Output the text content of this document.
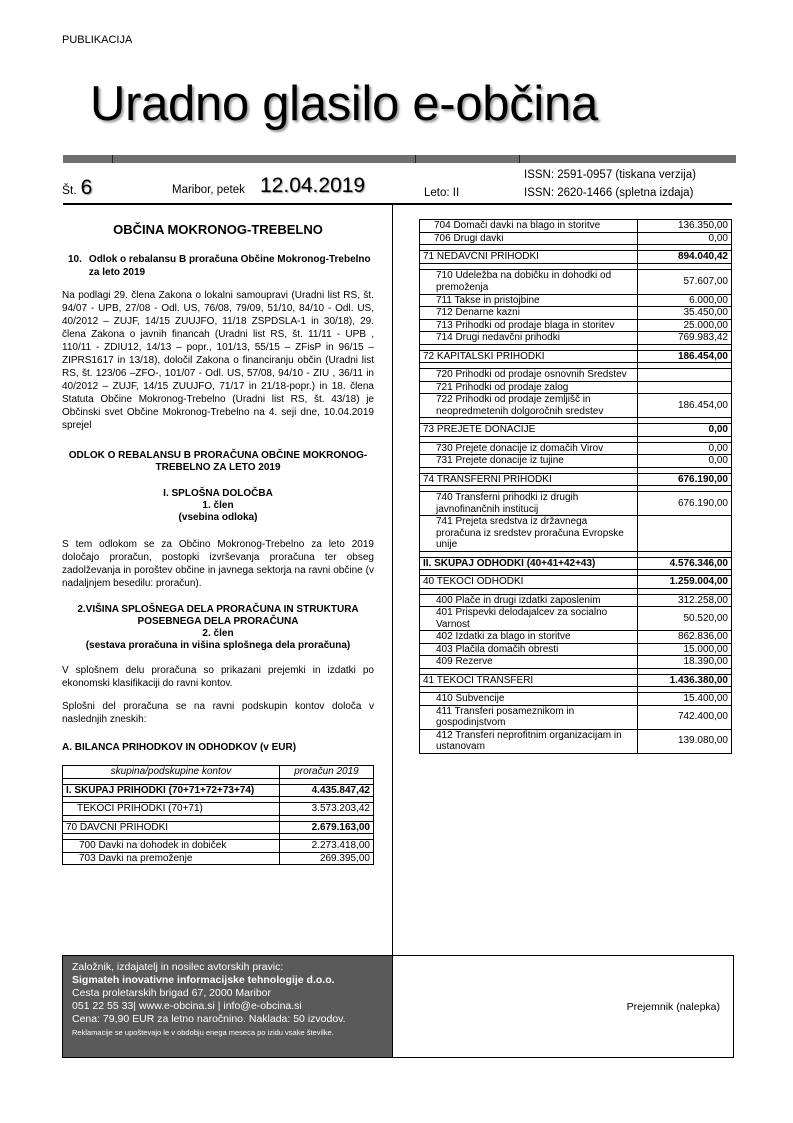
PUBLIKACIJA
Uradno glasilo e-občina
Št. 6	Maribor, petek 12.04.2019	Leto: II
ISSN: 2591-0957 (tiskana verzija)
ISSN: 2620-1466 (spletna izdaja)
OBČINA MOKRONOG-TREBELNO
10. Odlok o rebalansu B proračuna Občine Mokronog-Trebelno za leto 2019
Na podlagi 29. člena Zakona o lokalni samoupravi (Uradni list RS, št. 94/07 - UPB, 27/08 - Odl. US, 76/08, 79/09, 51/10, 84/10 - Odl. US, 40/2012 – ZUJF, 14/15 ZUUJFO, 11/18 ZSPDSLA-1 in 30/18), 29. člena Zakona o javnih financah (Uradni list RS, št. 11/11 - UPB , 110/11 - ZDIU12, 14/13 – popr., 101/13, 55/15 – ZFisP in 96/15 – ZIPRS1617 in 13/18), določil Zakona o financiranju občin (Uradni list RS, št. 123/06 –ZFO-, 101/07 - Odl. US, 57/08, 94/10 - ZIU , 36/11 in 40/2012 – ZUJF, 14/15 ZUUJFO, 71/17 in 21/18-popr.) in 18. člena Statuta Občine Mokronog-Trebelno (Uradni list RS, št. 43/18) je Občinski svet Občine Mokronog-Trebelno na 4. seji dne, 10.04.2019 sprejel
ODLOK O REBALANSU B PRORAČUNA OBČINE MOKRONOG-TREBELNO ZA LETO 2019
I. SPLOŠNA DOLOČBA
1. člen
(vsebina odloka)
S tem odlokom se za Občino Mokronog-Trebelno za leto 2019 določajo proračun, postopki izvrševanja proračuna ter obseg zadolževanja in poroštev občine in javnega sektorja na ravni občine (v nadaljnjem besedilu: proračun).
2.VIŠINA SPLOŠNEGA DELA PRORAČUNA IN STRUKTURA POSEBNEGA DELA PRORAČUNA
2. člen
(sestava proračuna in višina splošnega dela proračuna)
V splošnem delu proračuna so prikazani prejemki in izdatki po ekonomski klasifikaciji do ravni kontov.
Splošni del proračuna se na ravni podskupin kontov določa v naslednjih zneskih:
A. BILANCA PRIHODKOV IN ODHODKOV (v EUR)
skupina/podskupine kontov	proračun 2019

I. SKUPAJ PRIHODKI (70+71+72+73+74)	4.435.847,42

TEKOČI PRIHODKI (70+71)	3.573.203,42

70 DAVČNI PRIHODKI	2.679.163,00

700 Davki na dohodek in dobiček	2.273.418,00
703 Davki na premoženje	269.395,00
704 Domači davki na blago in storitve	136.350,00
706 Drugi davki	0,00

71 NEDAVČNI PRIHODKI	894.040,42

710 Udeležba na dobičku in dohodki od premoženja	57.607,00
711 Takse in pristojbine	6.000,00
712 Denarne kazni	35.450,00
713 Prihodki od prodaje blaga in storitev	25.000,00
714 Drugi nedavčni prihodki	769.983,42

72 KAPITALSKI PRIHODKI	186.454,00

720 Prihodki od prodaje osnovnih Sredstev	
721 Prihodki od prodaje zalog	
722 Prihodki od prodaje zemljišč in neopredmetenih dolgoročnih sredstev	186.454,00

73 PREJETE DONACIJE	0,00

730 Prejete donacije iz domačih Virov	0,00
731 Prejete donacije iz tujine	0,00

74 TRANSFERNI PRIHODKI	676.190,00

740 Transferni prihodki iz drugih javnofinančnih institucij	676.190,00
741 Prejeta sredstva iz državnega proračuna iz sredstev proračuna Evropske unije	

II. SKUPAJ ODHODKI (40+41+42+43)	4.576.346,00

40 TEKOČI ODHODKI	1.259.004,00

400 Plače in drugi izdatki zaposlenim	312.258,00
401 Prispevki delodajalcev za socialno Varnost	50.520,00
402 Izdatki za blago in storitve	862.836,00
403 Plačila domačih obresti	15.000,00
409 Rezerve	18.390,00

41 TEKOČI TRANSFERI	1.436.380,00

410 Subvencije	15.400,00
411 Transferi posameznikom in gospodinjstvom	742.400,00
412 Transferi neprofitnim organizacijam in ustanovam	139.080,00
Založnik, izdajatelj in nosilec avtorskih pravic:
Sigmateh inovativne informacijske tehnologije d.o.o.
Cesta proletarskih brigad 67, 2000 Maribor
051 22 55 33| www.e-obcina.si | info@e-obcina.si
Cena: 79,90 EUR za letno naročnino. Naklada: 50 izvodov.
Reklamacije se upoštevajo le v obdobju enega meseca po izidu vsake številke.
Prejemnik (nalepka)
